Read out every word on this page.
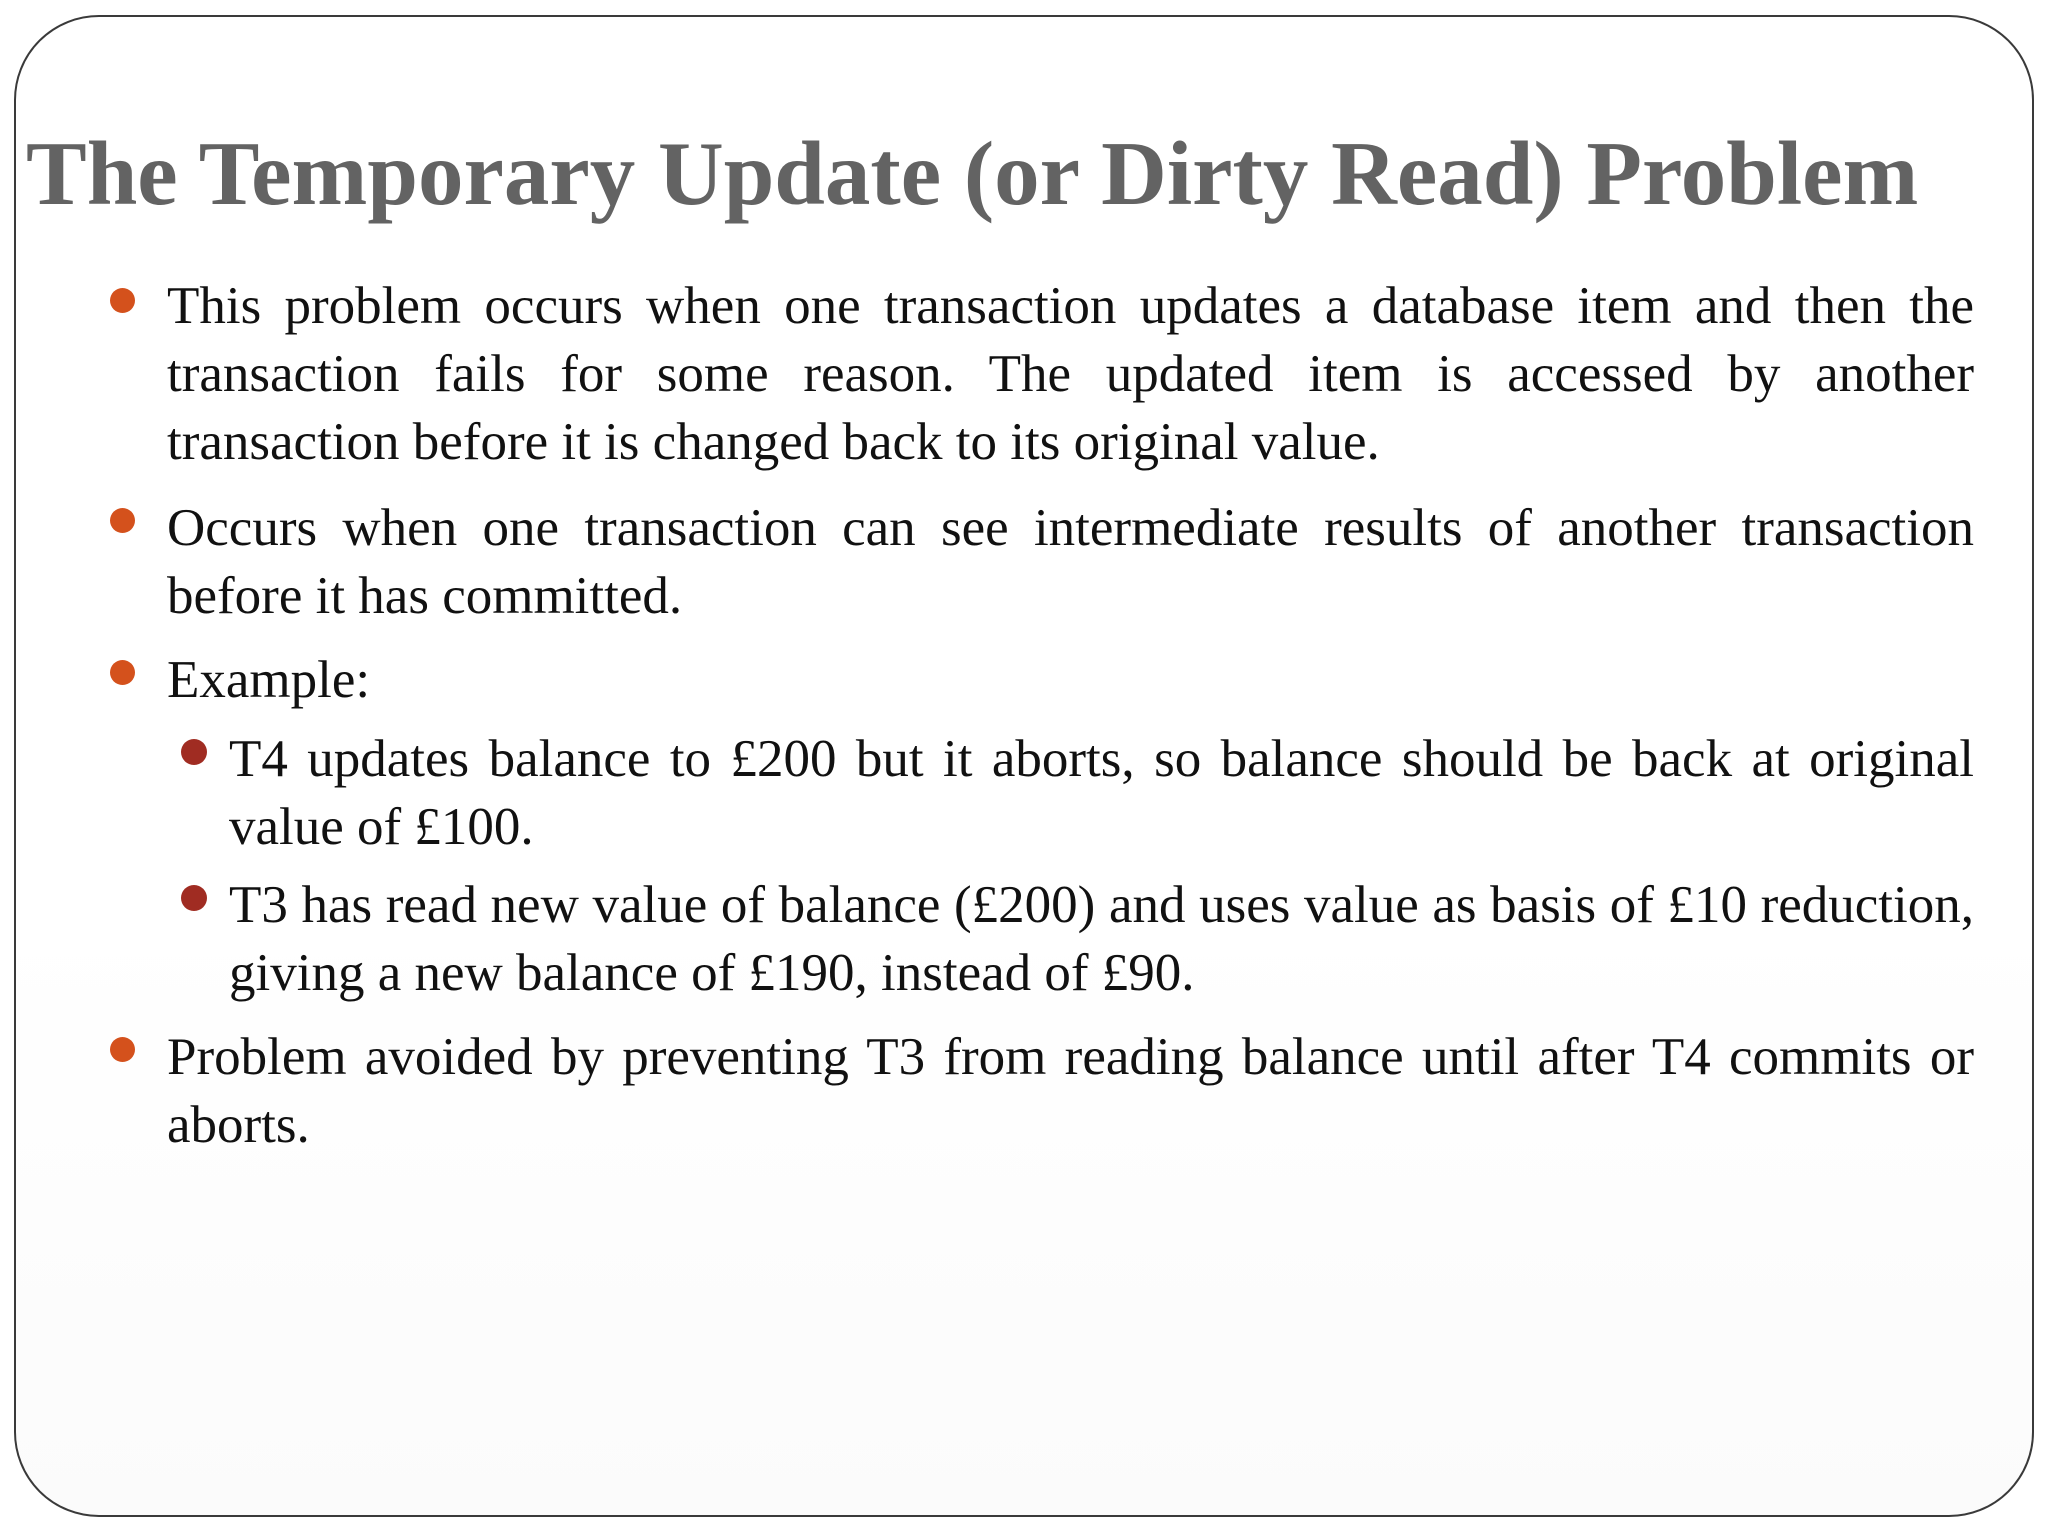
The Temporary Update (or Dirty Read) Problem

This problem occurs when one transaction updates a database item and then the transaction fails for some reason. The updated item is accessed by another transaction before it is changed back to its original value.

Occurs when one transaction can see intermediate results of another transaction before it has committed.

Example:

T4 updates balance to £200 but it aborts, so balance should be back at original value of £100.

T3 has read new value of balance (£200) and uses value as basis of £10 reduction, giving a new balance of £190, instead of £90.

Problem avoided by preventing T3 from reading balance until after T4 commits or aborts.
